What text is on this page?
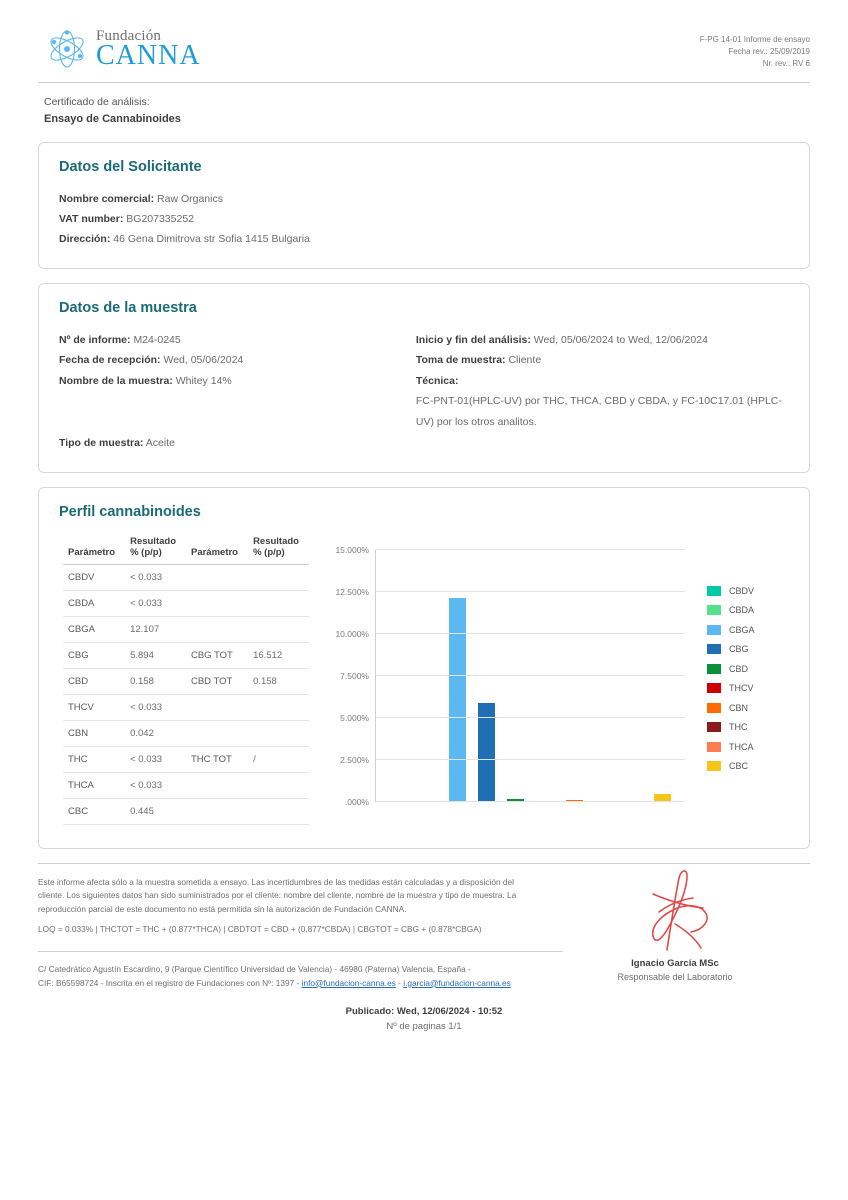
Fundación
CANNA	F-PG 14-01 Informe de ensayo
Fecha rev.: 25/09/2019
Nr. rev.: RV 6
Certificado de análisis:
Ensayo de Cannabinoides
Datos del Solicitante
Nombre comercial: Raw Organics
VAT number: BG207335252
Dirección: 46 Gena Dimitrova str Sofia 1415 Bulgaria
Datos de la muestra
Nº de informe: M24-0245
Fecha de recepción: Wed, 05/06/2024
Nombre de la muestra: Whitey 14%
Tipo de muestra: Aceite
Inicio y fin del análisis: Wed, 05/06/2024 to Wed, 12/06/2024
Toma de muestra: Cliente
Técnica:
FC-PNT-01(HPLC-UV) por THC, THCA, CBD y CBDA, y FC-10C17.01 (HPLC-UV) por los otros analitos.
Perfil cannabinoides
Parámetro	Resultado
% (p/p)	Parámetro	Resultado
% (p/p)
CBDV	< 0.033		
CBDA	< 0.033		
CBGA	12.107		
CBG	5.894	CBG TOT	16.512
CBD	0.158	CBD TOT	0.158
THCV	< 0.033		
CBN	0.042		
THC	< 0.033	THC TOT	/
THCA	< 0.033		
CBC	0.445		
.000%
2.500%
5.000%
7.500%
10.000%
12.500%
15.000%
CBDV
CBDA
CBGA
CBG
CBD
THCV
CBN
THC
THCA
CBC
Este informe afecta sólo a la muestra sometida a ensayo. Las incertidumbres de las medidas están calculadas y a disposición del cliente. Los siguientes datos han sido suministrados por el cliente: nombre del cliente, nombre de la muestra y tipo de muestra. La reproducción parcial de este documento no está permitida sin la autorización de Fundación CANNA.
LOQ = 0.033% | THCTOT = THC + (0.877*THCA) | CBDTOT = CBD + (0.877*CBDA) | CBGTOT = CBG + (0.878*CBGA)
C/ Catedrático Agustín Escardino, 9 (Parque Científico Universidad de Valencia) - 46980 (Paterna) Valencia, España -
CIF: B65598724 - Inscrita en el registro de Fundaciones con Nº: 1397 - info@fundacion-canna.es - i.garcia@fundacion-canna.es
Ignacio García MSc
Responsable del Laboratorio
Publicado: Wed, 12/06/2024 - 10:52
Nº de paginas 1/1
